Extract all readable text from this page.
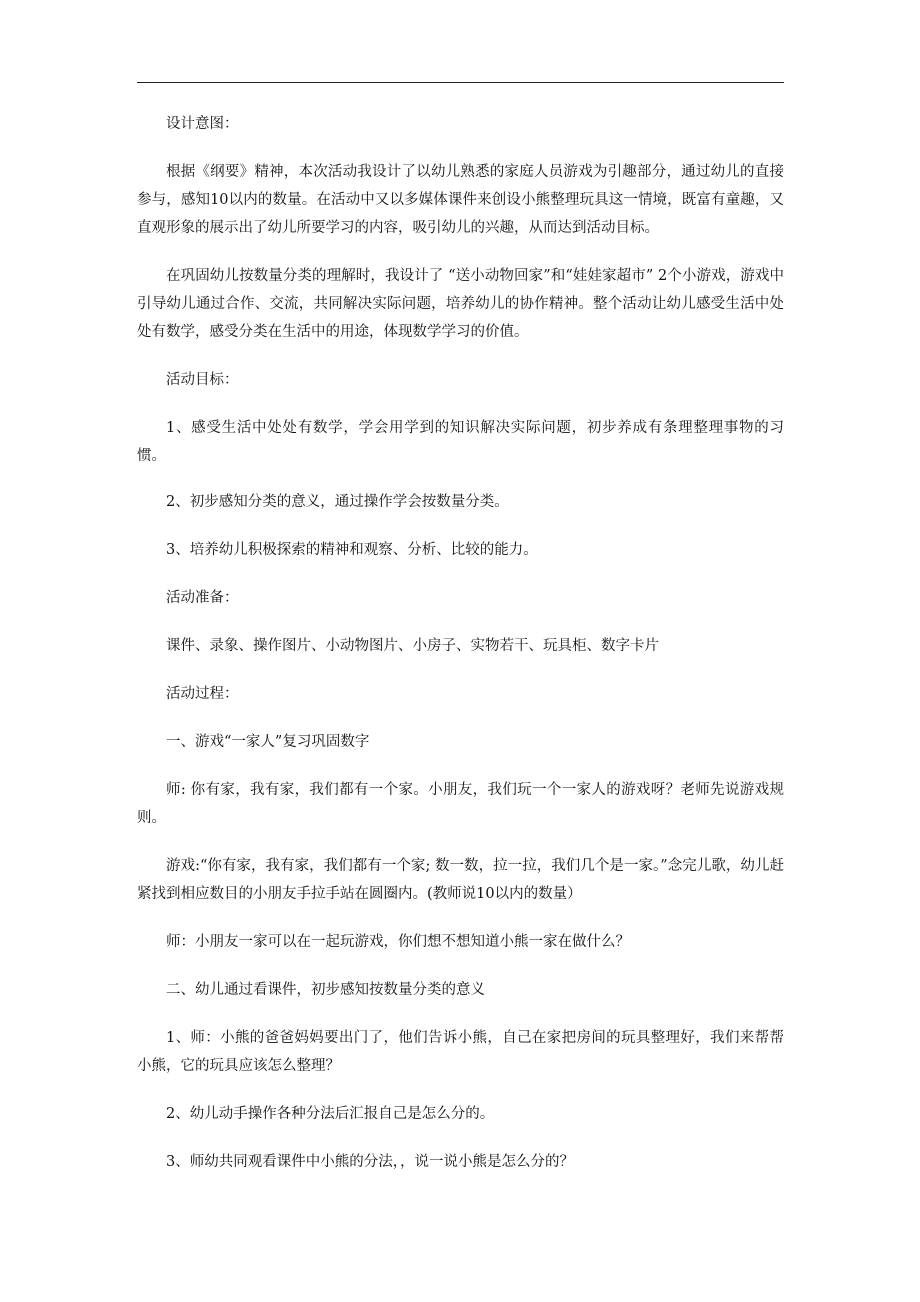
设计意图：

根据《纲要》精神，本次活动我设计了以幼儿熟悉的家庭人员游戏为引趣部分，通过幼儿的直接参与，感知10以内的数量。在活动中又以多媒体课件来创设小熊整理玩具这一情境，既富有童趣，又直观形象的展示出了幼儿所要学习的内容，吸引幼儿的兴趣，从而达到活动目标。

在巩固幼儿按数量分类的理解时，我设计了 “送小动物回家”和“娃娃家超市” 2个小游戏，游戏中引导幼儿通过合作、交流，共同解决实际问题，培养幼儿的协作精神。整个活动让幼儿感受生活中处处有数学，感受分类在生活中的用途，体现数学学习的价值。

活动目标：

1、感受生活中处处有数学，学会用学到的知识解决实际问题，初步养成有条理整理事物的习惯。

2、初步感知分类的意义，通过操作学会按数量分类。

3、培养幼儿积极探索的精神和观察、分析、比较的能力。

活动准备：

课件、录象、操作图片、小动物图片、小房子、实物若干、玩具柜、数字卡片

活动过程：

一、游戏“一家人”复习巩固数字

师: 你有家，我有家，我们都有一个家。小朋友，我们玩一个一家人的游戏呀？老师先说游戏规则。

游戏:“你有家，我有家，我们都有一个家; 数一数，拉一拉，我们几个是一家。”念完儿歌，幼儿赶紧找到相应数目的小朋友手拉手站在圆圈内。(教师说10以内的数量）

师：小朋友一家可以在一起玩游戏，你们想不想知道小熊一家在做什么？

二、幼儿通过看课件，初步感知按数量分类的意义

1、师：小熊的爸爸妈妈要出门了，他们告诉小熊，自己在家把房间的玩具整理好，我们来帮帮小熊，它的玩具应该怎么整理？

2、幼儿动手操作各种分法后汇报自己是怎么分的。

3、师幼共同观看课件中小熊的分法，，说一说小熊是怎么分的？
